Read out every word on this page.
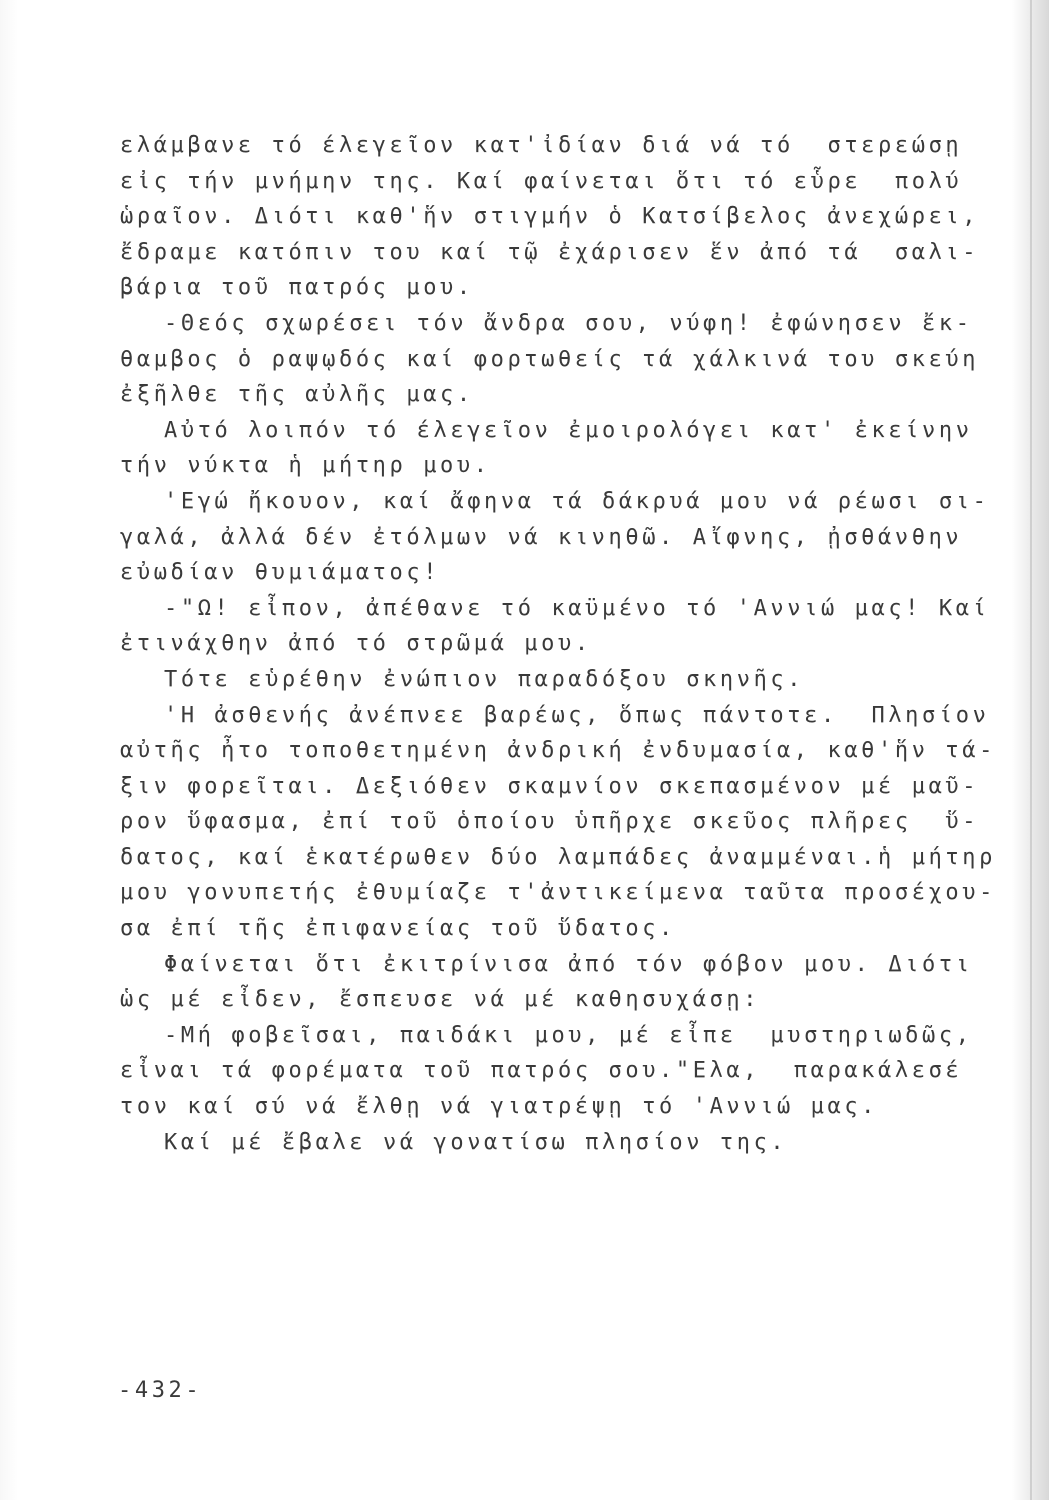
ελάμβανε τό έλεγεῖον κατ'ἰδίαν διά νά τό  στερεώσῃ
εἰς τήν μνήμην της. Καί φαίνεται ὅτι τό εὗρε  πολύ
ὡραῖον. Διότι καθ'ἥν στιγμήν ὁ Κατσίβελος ἀνεχώρει,
ἔδραμε κατόπιν του καί τῷ ἐχάρισεν ἕν ἀπό τά  σαλι-
βάρια τοῦ πατρός μου.
-Θεός σχωρέσει τόν ἄνδρα σου, νύφη! ἐφώνησεν ἔκ-
θαμβος ὁ ραψῳδός καί φορτωθείς τά χάλκινά του σκεύη
ἐξῆλθε τῆς αὐλῆς μας.
Αὐτό λοιπόν τό έλεγεῖον ἐμοιρολόγει κατ' ἐκείνην
τήν νύκτα ἡ μήτηρ μου.
'Εγώ ἤκουον, καί ἄφηνα τά δάκρυά μου νά ρέωσι σι-
γαλά, ἀλλά δέν ἐτόλμων νά κινηθῶ. Αἴφνης, ᾐσθάνθην
εὐωδίαν θυμιάματος!
-"Ω! εἶπον, ἀπέθανε τό καϋμένο τό 'Αννιώ μας! Καί
ἐτινάχθην ἀπό τό στρῶμά μου.
Τότε εὑρέθην ἐνώπιον παραδόξου σκηνῆς.
'Η ἀσθενής ἀνέπνεε βαρέως, ὅπως πάντοτε.  Πλησίον
αὐτῆς ἦτο τοποθετημένη ἀνδρική ἐνδυμασία, καθ'ἥν τά-
ξιν φορεῖται. Δεξιόθεν σκαμνίον σκεπασμένον μέ μαῦ-
ρον ὕφασμα, ἐπί τοῦ ὁποίου ὑπῆρχε σκεῦος πλῆρες  ὕ-
δατος, καί ἑκατέρωθεν δύο λαμπάδες ἀναμμέναι.ἡ μήτηρ
μου γονυπετής ἐθυμίαζε τ'ἀντικείμενα ταῦτα προσέχου-
σα ἐπί τῆς ἐπιφανείας τοῦ ὕδατος.
Φαίνεται ὅτι ἐκιτρίνισα ἀπό τόν φόβον μου. Διότι
ὡς μέ εἶδεν, ἔσπευσε νά μέ καθησυχάσῃ:
-Μή φοβεῖσαι, παιδάκι μου, μέ εἶπε  μυστηριωδῶς,
εἶναι τά φορέματα τοῦ πατρός σου."Ελα,  παρακάλεσέ
τον καί σύ νά ἔλθῃ νά γιατρέψῃ τό 'Αννιώ μας.
Καί μέ ἔβαλε νά γονατίσω πλησίον της.
-432-
